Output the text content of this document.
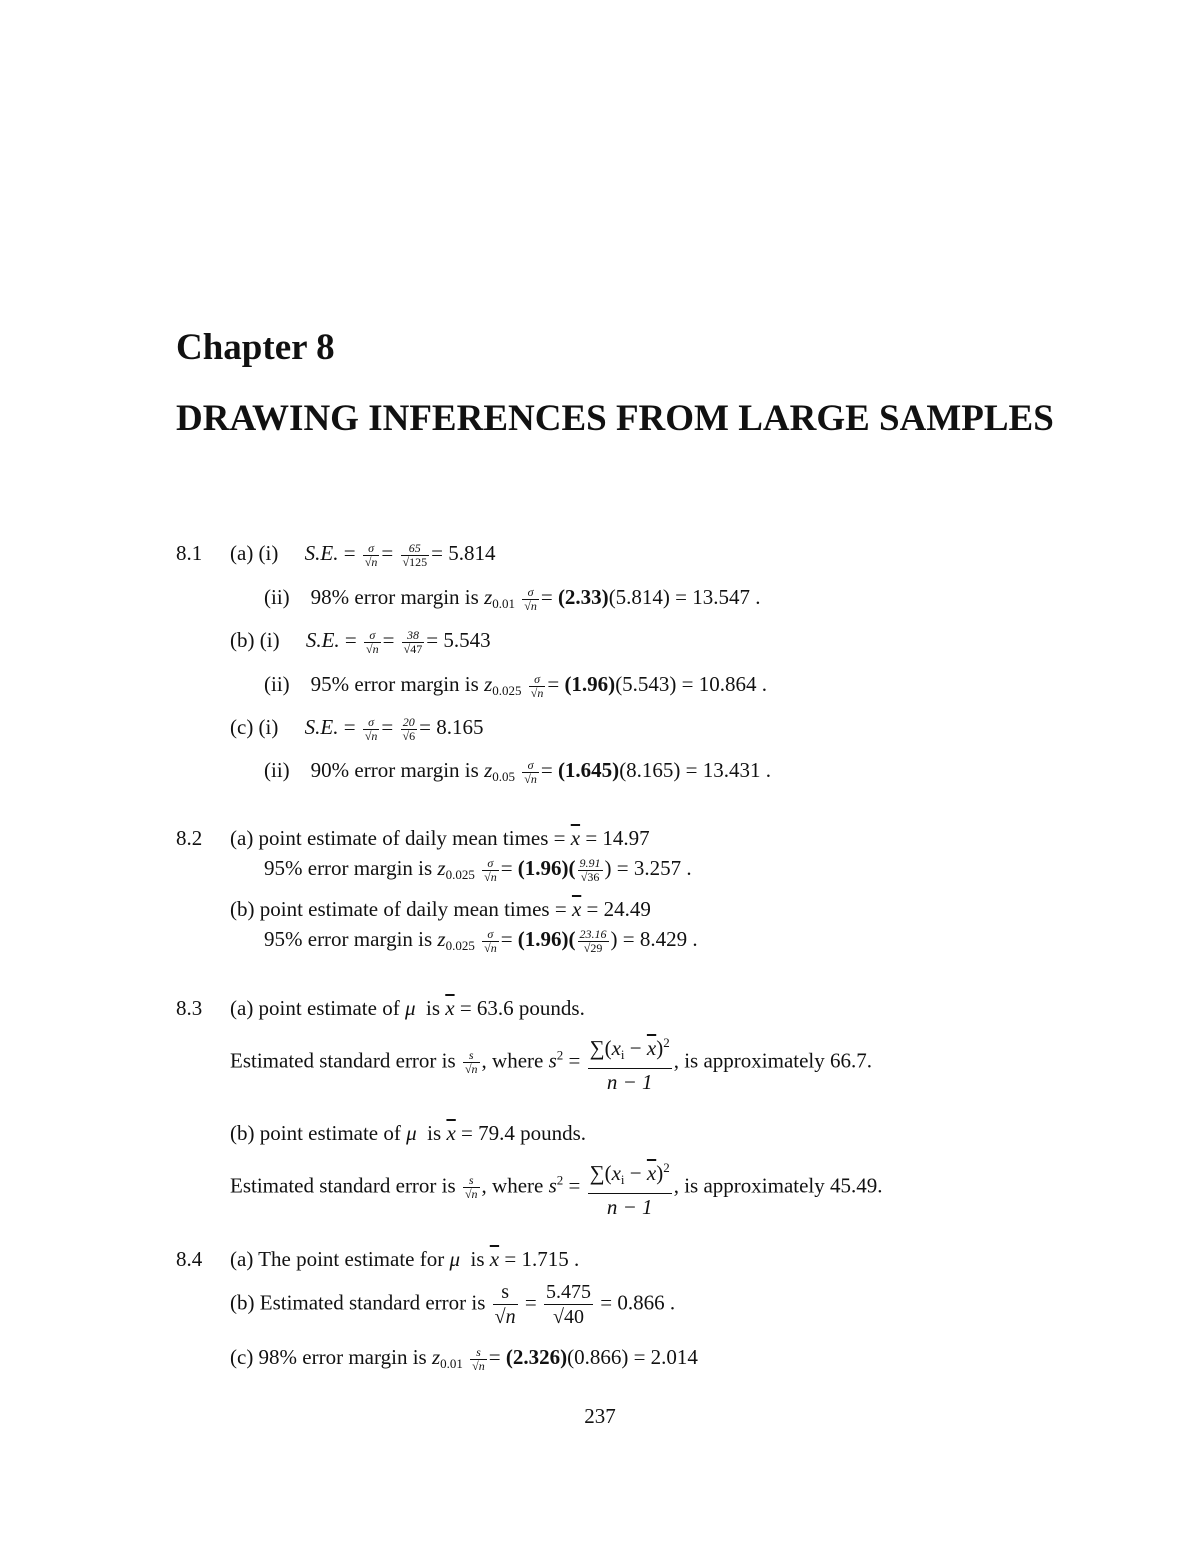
Chapter 8
DRAWING INFERENCES FROM LARGE SAMPLES
8.1 (a) (i) S.E. = $\frac{\sigma}{√n} = \frac{65}{√125} = 5.814$
(ii) 98% error margin is $z_{0.01} \frac{\sigma}{√n} = (2.33)(5.814) = 13.547$ .
(b) (i) S.E. = $\frac{\sigma}{√n} = \frac{38}{√47} = 5.543$
(ii) 95% error margin is $z_{0.025} \frac{\sigma}{√n} = (1.96)(5.543) = 10.864$ .
(c) (i) S.E. = $\frac{\sigma}{√n} = \frac{20}{√6} = 8.165$
(ii) 90% error margin is $z_{0.05} \frac{\sigma}{√n} = (1.645)(8.165) = 13.431$ .
8.2 (a) point estimate of daily mean times = $\overline{x} = 14.97$
95% error margin is $z_{0.025} \frac{\sigma}{√n} = (1.96)( \frac{9.91}{√36}$ ) = 3.257 .
(b) point estimate of daily mean times = $\overline{x} = 24.49$
95% error margin is $z_{0.025} \frac{\sigma}{√n} = (1.96)( \frac{23.16}{√29}$ ) = 8.429 .
8.3 (a) point estimate of μ is $\overline{x} = 63.6$ pounds.
Estimated standard error is $\frac{s}{√n}$ , where $s^2 = \frac{\sum(x_i - \overline{x})^2}{n - 1}$ , is approximately 66.7.
(b) point estimate of μ is $\overline{x} = 79.4$ pounds.
Estimated standard error is $\frac{s}{√n}$ , where $s^2 = \frac{\sum(x_i - \overline{x})^2}{n - 1}$ , is approximately 45.49.
8.4 (a) The point estimate for μ is $\overline{x} = 1.715$ .
(b) Estimated standard error is $\frac{s}{√n} = \frac{5.475}{√40} = 0.866$ .
(c) 98% error margin is $z_{0.01} \frac{s}{√n} = (2.326)(0.866) = 2.014$
237
